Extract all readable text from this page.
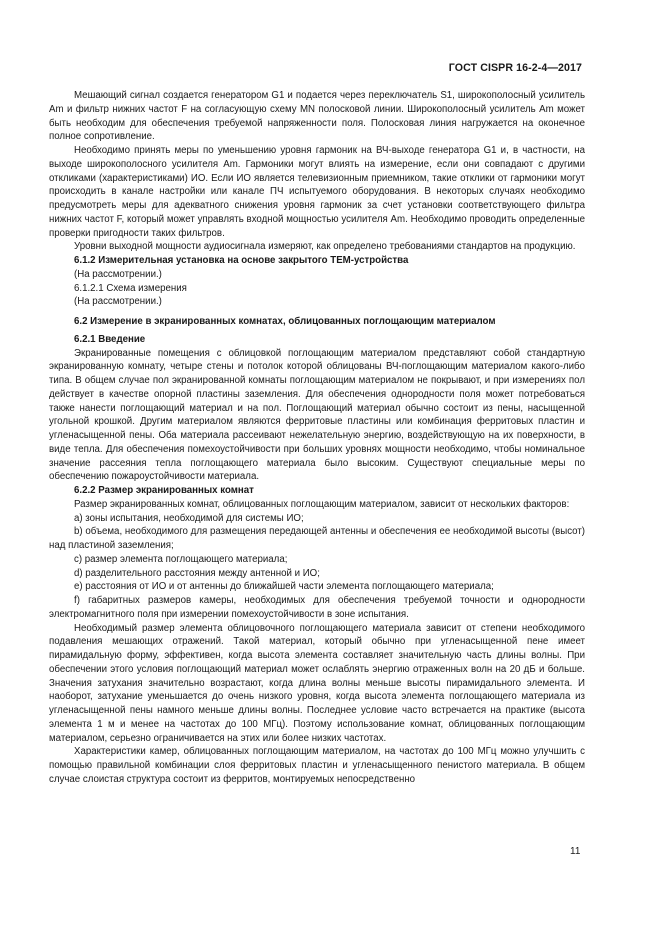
ГОСТ CISPR 16-2-4—2017

Мешающий сигнал создается генератором G1 и подается через переключатель S1, широкополосный усилитель Am и фильтр нижних частот F на согласующую схему MN полосковой линии. Широкополосный усилитель Am может быть необходим для обеспечения требуемой напряженности поля. Полосковая линия нагружается на оконечное полное сопротивление.

Необходимо принять меры по уменьшению уровня гармоник на ВЧ-выходе генератора G1 и, в частности, на выходе широкополосного усилителя Am. Гармоники могут влиять на измерение, если они совпадают с другими откликами (характеристиками) ИО. Если ИО является телевизионным приемником, такие отклики от гармоники могут происходить в канале настройки или канале ПЧ испытуемого оборудования. В некоторых случаях необходимо предусмотреть меры для адекватного снижения уровня гармоник за счет установки соответствующего фильтра нижних частот F, который может управлять входной мощностью усилителя Am. Необходимо проводить определенные проверки пригодности таких фильтров.

Уровни выходной мощности аудиосигнала измеряют, как определено требованиями стандартов на продукцию.

6.1.2 Измерительная установка на основе закрытого ТЕМ-устройства

(На рассмотрении.)

6.1.2.1 Схема измерения

(На рассмотрении.)

6.2 Измерение в экранированных комнатах, облицованных поглощающим материалом

6.2.1 Введение

Экранированные помещения с облицовкой поглощающим материалом представляют собой стандартную экранированную комнату, четыре стены и потолок которой облицованы ВЧ-поглощающим материалом какого-либо типа. В общем случае пол экранированной комнаты поглощающим материалом не покрывают, и при измерениях пол действует в качестве опорной пластины заземления. Для обеспечения однородности поля может потребоваться также нанести поглощающий материал и на пол. Поглощающий материал обычно состоит из пены, насыщенной угольной крошкой. Другим материалом являются ферритовые пластины или комбинация ферритовых пластин и угленасыщенной пены. Оба материала рассеивают нежелательную энергию, воздействующую на их поверхности, в виде тепла. Для обеспечения помехоустойчивости при больших уровнях мощности необходимо, чтобы номинальное значение рассеяния тепла поглощающего материала было высоким. Существуют специальные меры по обеспечению пожароустойчивости материала.

6.2.2 Размер экранированных комнат

Размер экранированных комнат, облицованных поглощающим материалом, зависит от нескольких факторов:

а) зоны испытания, необходимой для системы ИО;

b) объема, необходимого для размещения передающей антенны и обеспечения ее необходимой высоты (высот) над пластиной заземления;

c) размер элемента поглощающего материала;

d) разделительного расстояния между антенной и ИО;

e) расстояния от ИО и от антенны до ближайшей части элемента поглощающего материала;

f) габаритных размеров камеры, необходимых для обеспечения требуемой точности и однородности электромагнитного поля при измерении помехоустойчивости в зоне испытания.

Необходимый размер элемента облицовочного поглощающего материала зависит от степени необходимого подавления мешающих отражений. Такой материал, который обычно при угленасыщенной пене имеет пирамидальную форму, эффективен, когда высота элемента составляет значительную часть длины волны. При обеспечении этого условия поглощающий материал может ослаблять энергию отраженных волн на 20 дБ и больше. Значения затухания значительно возрастают, когда длина волны меньше высоты пирамидального элемента. И наоборот, затухание уменьшается до очень низкого уровня, когда высота элемента поглощающего материала из угленасыщенной пены намного меньше длины волны. Последнее условие часто встречается на практике (высота элемента 1 м и менее на частотах до 100 МГц). Поэтому использование комнат, облицованных поглощающим материалом, серьезно ограничивается на этих или более низких частотах.

Характеристики камер, облицованных поглощающим материалом, на частотах до 100 МГц можно улучшить с помощью правильной комбинации слоя ферритовых пластин и угленасыщенного пенистого материала. В общем случае слоистая структура состоит из ферритов, монтируемых непосредственно

11
